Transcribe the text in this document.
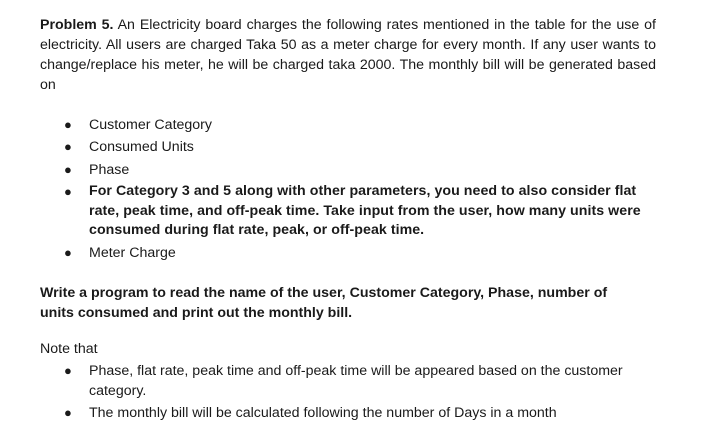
Problem 5. An Electricity board charges the following rates mentioned in the table for the use of electricity. All users are charged Taka 50 as a meter charge for every month. If any user wants to change/replace his meter, he will be charged taka 2000. The monthly bill will be generated based on

● Customer Category
● Consumed Units
● Phase
● For Category 3 and 5 along with other parameters, you need to also consider flat rate, peak time, and off-peak time. Take input from the user, how many units were consumed during flat rate, peak, or off-peak time.
● Meter Charge

Write a program to read the name of the user, Customer Category, Phase, number of units consumed and print out the monthly bill.

Note that

● Phase, flat rate, peak time and off-peak time will be appeared based on the customer category.
● The monthly bill will be calculated following the number of Days in a month
